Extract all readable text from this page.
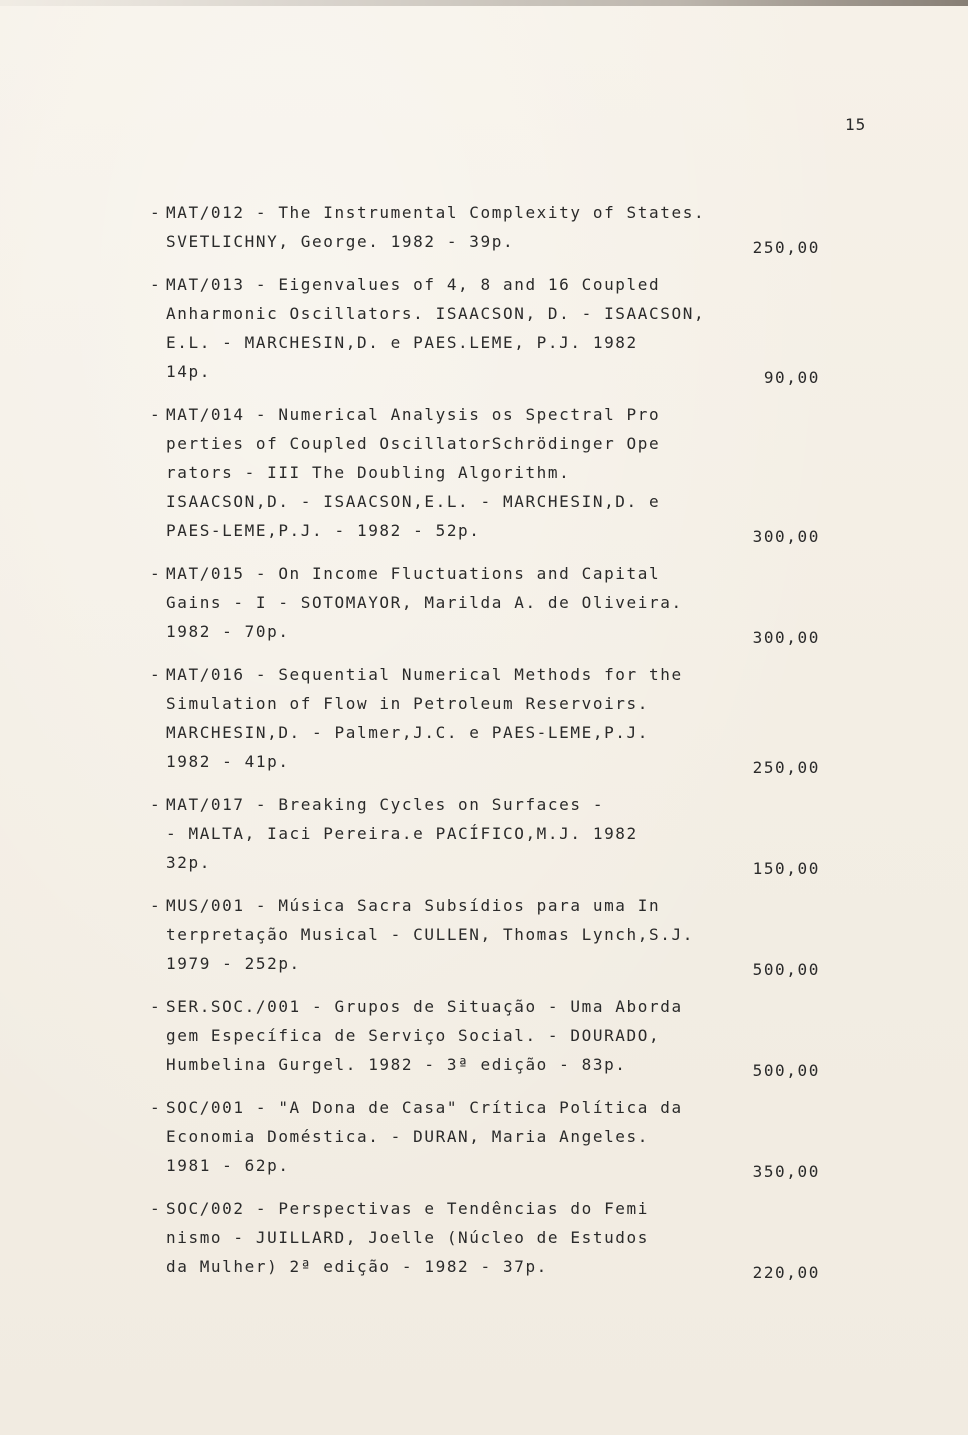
15
- MAT/012 - The Instrumental Complexity of States.
SVETLICHNY, George. 1982 - 39p.	250,00
- MAT/013 - Eigenvalues of 4, 8 and 16 Coupled
Anharmonic Oscillators. ISAACSON, D. - ISAACSON,
E.L. - MARCHESIN,D. e PAES.LEME, P.J. 1982
14p.	90,00
- MAT/014 - Numerical Analysis os Spectral Pro
perties of Coupled OscillatorSchrödinger Ope
rators - III The Doubling Algorithm.
ISAACSON,D. - ISAACSON,E.L. - MARCHESIN,D. e
PAES-LEME,P.J. - 1982 - 52p.	300,00
- MAT/015 - On Income Fluctuations and Capital
Gains - I - SOTOMAYOR, Marilda A. de Oliveira.
1982 - 70p.	300,00
- MAT/016 - Sequential Numerical Methods for the
Simulation of Flow in Petroleum Reservoirs.
MARCHESIN,D. - Palmer,J.C. e PAES-LEME,P.J.
1982 - 41p.	250,00
- MAT/017 - Breaking Cycles on Surfaces -
- MALTA, Iaci Pereira.e PACÍFICO,M.J. 1982
32p.	150,00
- MUS/001 - Música Sacra Subsídios para uma In
terpretação Musical - CULLEN, Thomas Lynch,S.J.
1979 - 252p.	500,00
- SER.SOC./001 - Grupos de Situação - Uma Aborda
gem Específica de Serviço Social. - DOURADO,
Humbelina Gurgel. 1982 - 3ª edição - 83p.	500,00
- SOC/001 - "A Dona de Casa" Crítica Política da
Economia Doméstica. - DURAN, Maria Angeles.
1981 - 62p.	350,00
- SOC/002 - Perspectivas e Tendências do Femi
nismo - JUILLARD, Joelle (Núcleo de Estudos
da Mulher) 2ª edição - 1982 - 37p.	220,00
